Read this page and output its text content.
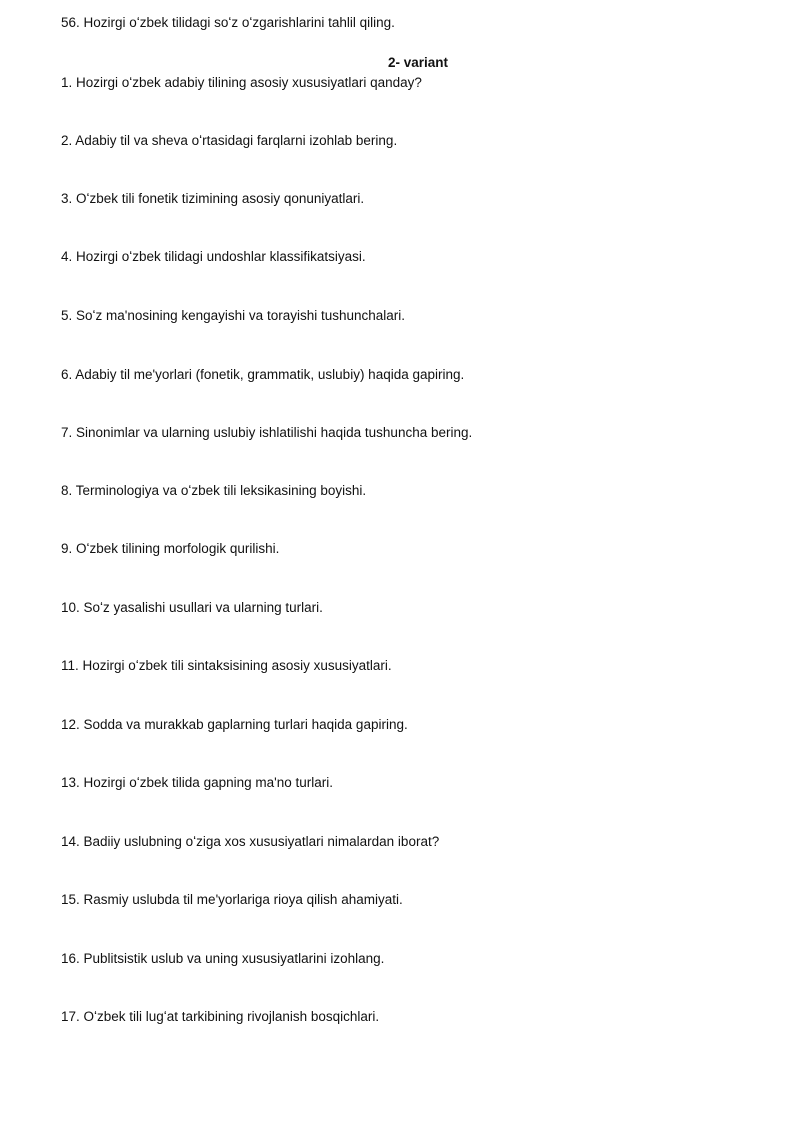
56. Hozirgi oʻzbek tilidagi soʻz oʻzgarishlarini tahlil qiling.
2- variant
1. Hozirgi oʻzbek adabiy tilining asosiy xususiyatlari qanday?
2. Adabiy til va sheva oʻrtasidagi farqlarni izohlab bering.
3. Oʻzbek tili fonetik tizimining asosiy qonuniyatlari.
4. Hozirgi oʻzbek tilidagi undoshlar klassifikatsiyasi.
5. Soʻz ma'nosining kengayishi va torayishi tushunchalari.
6. Adabiy til me'yorlari (fonetik, grammatik, uslubiy) haqida gapiring.
7. Sinonimlar va ularning uslubiy ishlatilishi haqida tushuncha bering.
8. Terminologiya va oʻzbek tili leksikasining boyishi.
9. Oʻzbek tilining morfologik qurilishi.
10. Soʻz yasalishi usullari va ularning turlari.
11. Hozirgi oʻzbek tili sintaksisining asosiy xususiyatlari.
12. Sodda va murakkab gaplarning turlari haqida gapiring.
13. Hozirgi oʻzbek tilida gapning ma'no turlari.
14. Badiiy uslubning oʻziga xos xususiyatlari nimalardan iborat?
15. Rasmiy uslubda til me'yorlariga rioya qilish ahamiyati.
16. Publitsistik uslub va uning xususiyatlarini izohlang.
17. Oʻzbek tili lugʻat tarkibining rivojlanish bosqichlari.
